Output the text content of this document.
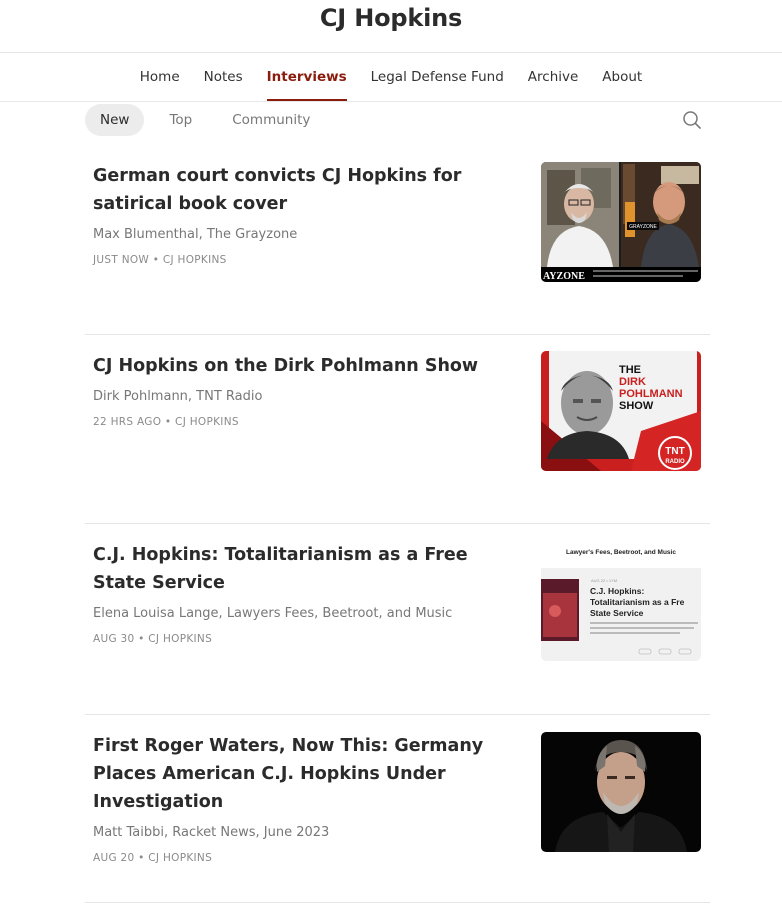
CJ Hopkins
Home Notes Interviews Legal Defense Fund Archive About
New	Top	Community
German court convicts CJ Hopkins for satirical book cover
Max Blumenthal, The Grayzone
JUST NOW • CJ HOPKINS
GRAYZONE
AYZONE
CJ Hopkins on the Dirk Pohlmann Show
Dirk Pohlmann, TNT Radio
22 HRS AGO • CJ HOPKINS
THE
DIRK
POHLMANN
SHOW
TNT
RADIO
C.J. Hopkins: Totalitarianism as a Free State Service
Elena Louisa Lange, Lawyers Fees, Beetroot, and Music
AUG 30 • CJ HOPKINS
Lawyer's Fees, Beetroot, and Music
AUG 22 • 1YM
C.J. Hopkins:
Totalitarianism as a Fre
State Service
First Roger Waters, Now This: Germany Places American C.J. Hopkins Under Investigation
Matt Taibbi, Racket News, June 2023
AUG 20 • CJ HOPKINS
